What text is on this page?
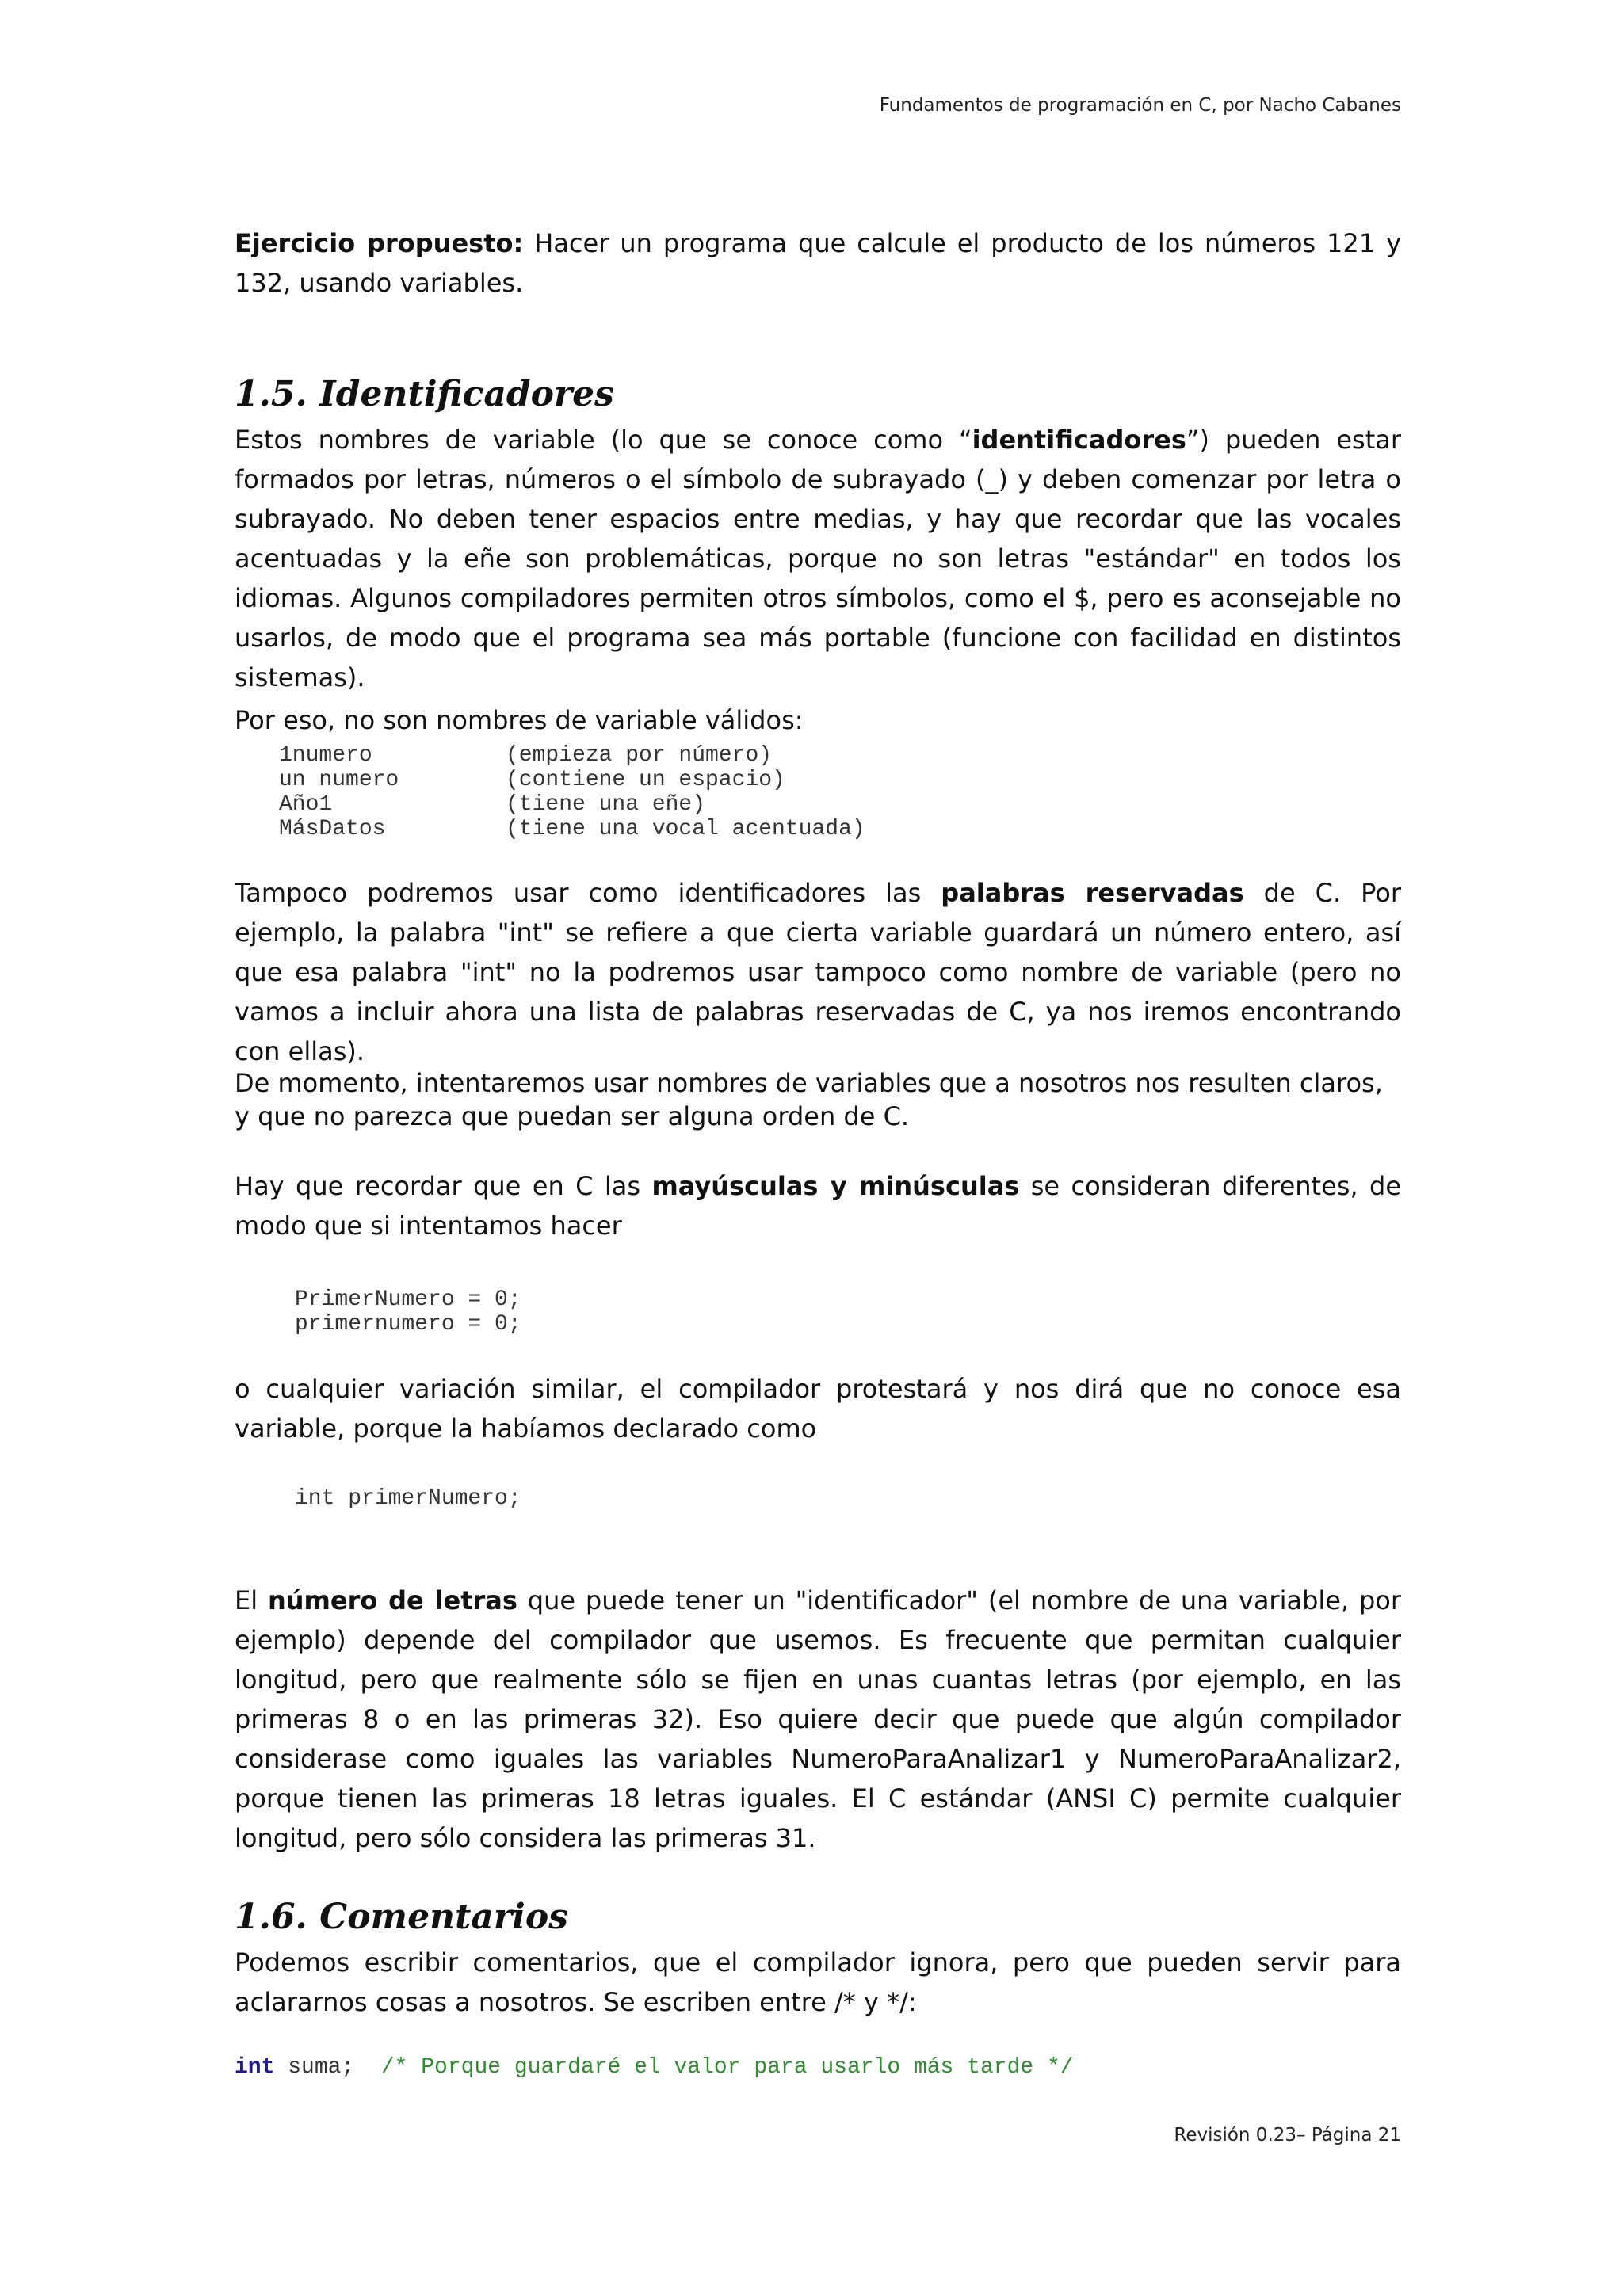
Fundamentos de programación en C, por Nacho Cabanes

Ejercicio propuesto: Hacer un programa que calcule el producto de los números 121 y 132, usando variables.

1.5. Identificadores

Estos nombres de variable (lo que se conoce como “identificadores”) pueden estar formados por letras, números o el símbolo de subrayado (_) y deben comenzar por letra o subrayado. No deben tener espacios entre medias, y hay que recordar que las vocales acentuadas y la eñe son problemáticas, porque no son letras "estándar" en todos los idiomas. Algunos compiladores permiten otros símbolos, como el $, pero es aconsejable no usarlos, de modo que el programa sea más portable (funcione con facilidad en distintos sistemas).

Por eso, no son nombres de variable válidos:

1numero	(empieza por número)
un numero	(contiene un espacio)
Año1	(tiene una eñe)
MásDatos	(tiene una vocal acentuada)

Tampoco podremos usar como identificadores las palabras reservadas de C. Por ejemplo, la palabra "int" se refiere a que cierta variable guardará un número entero, así que esa palabra "int" no la podremos usar tampoco como nombre de variable (pero no vamos a incluir ahora una lista de palabras reservadas de C, ya nos iremos encontrando con ellas).

De momento, intentaremos usar nombres de variables que a nosotros nos resulten claros, y que no parezca que puedan ser alguna orden de C.

Hay que recordar que en C las mayúsculas y minúsculas se consideran diferentes, de modo que si intentamos hacer

PrimerNumero = 0;
primernumero = 0;

o cualquier variación similar, el compilador protestará y nos dirá que no conoce esa variable, porque la habíamos declarado como

int primerNumero;

El número de letras que puede tener un "identificador" (el nombre de una variable, por ejemplo) depende del compilador que usemos. Es frecuente que permitan cualquier longitud, pero que realmente sólo se fijen en unas cuantas letras (por ejemplo, en las primeras 8 o en las primeras 32). Eso quiere decir que puede que algún compilador considerase como iguales las variables NumeroParaAnalizar1 y NumeroParaAnalizar2, porque tienen las primeras 18 letras iguales. El C estándar (ANSI C) permite cualquier longitud, pero sólo considera las primeras 31.

1.6. Comentarios

Podemos escribir comentarios, que el compilador ignora, pero que pueden servir para aclararnos cosas a nosotros. Se escriben entre /* y */:

int suma;  /* Porque guardaré el valor para usarlo más tarde */
Revisión 0.23– Página 21
